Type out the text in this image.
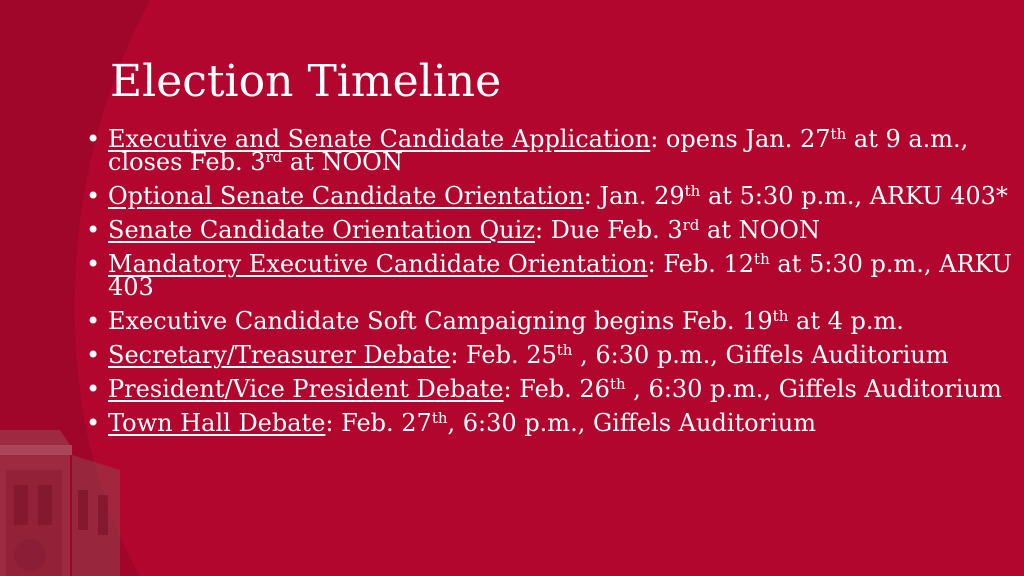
Election Timeline
• Executive and Senate Candidate Application: opens Jan. 27th at 9 a.m., closes Feb. 3rd at NOON
• Optional Senate Candidate Orientation: Jan. 29th at 5:30 p.m., ARKU 403*
• Senate Candidate Orientation Quiz: Due Feb. 3rd at NOON
• Mandatory Executive Candidate Orientation: Feb. 12th at 5:30 p.m., ARKU 403
• Executive Candidate Soft Campaigning begins Feb. 19th at 4 p.m.
• Secretary/Treasurer Debate: Feb. 25th , 6:30 p.m., Giffels Auditorium
• President/Vice President Debate: Feb. 26th , 6:30 p.m., Giffels Auditorium
• Town Hall Debate: Feb. 27th, 6:30 p.m., Giffels Auditorium
